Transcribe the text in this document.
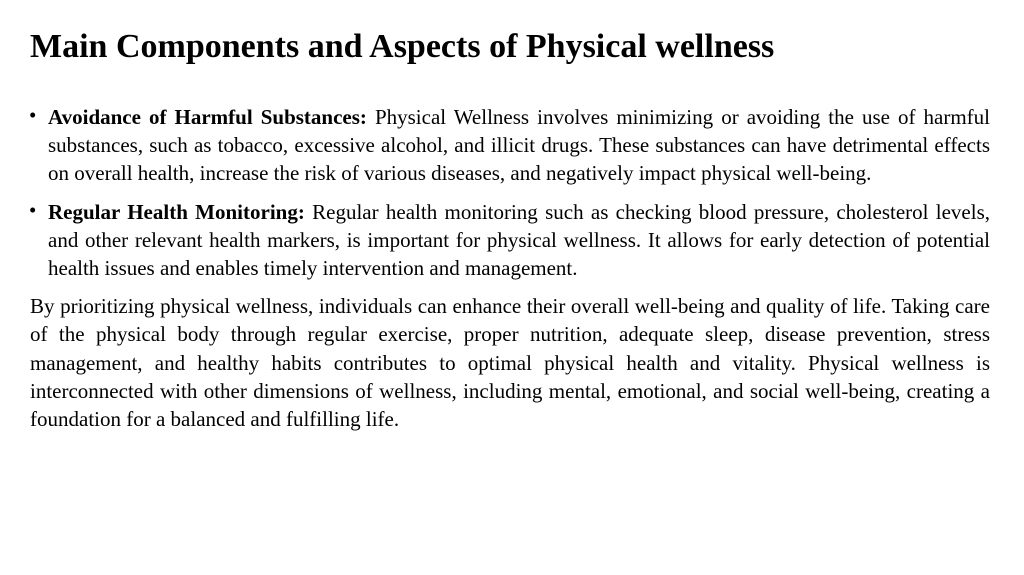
Main Components and Aspects of Physical wellness
• Avoidance of Harmful Substances: Physical Wellness involves minimizing or avoiding the use of harmful substances, such as tobacco, excessive alcohol, and illicit drugs. These substances can have detrimental effects on overall health, increase the risk of various diseases, and negatively impact physical well-being.
• Regular Health Monitoring: Regular health monitoring such as checking blood pressure, cholesterol levels, and other relevant health markers, is important for physical wellness. It allows for early detection of potential health issues and enables timely intervention and management.

By prioritizing physical wellness, individuals can enhance their overall well-being and quality of life. Taking care of the physical body through regular exercise, proper nutrition, adequate sleep, disease prevention, stress management, and healthy habits contributes to optimal physical health and vitality. Physical wellness is interconnected with other dimensions of wellness, including mental, emotional, and social well-being, creating a foundation for a balanced and fulfilling life.
